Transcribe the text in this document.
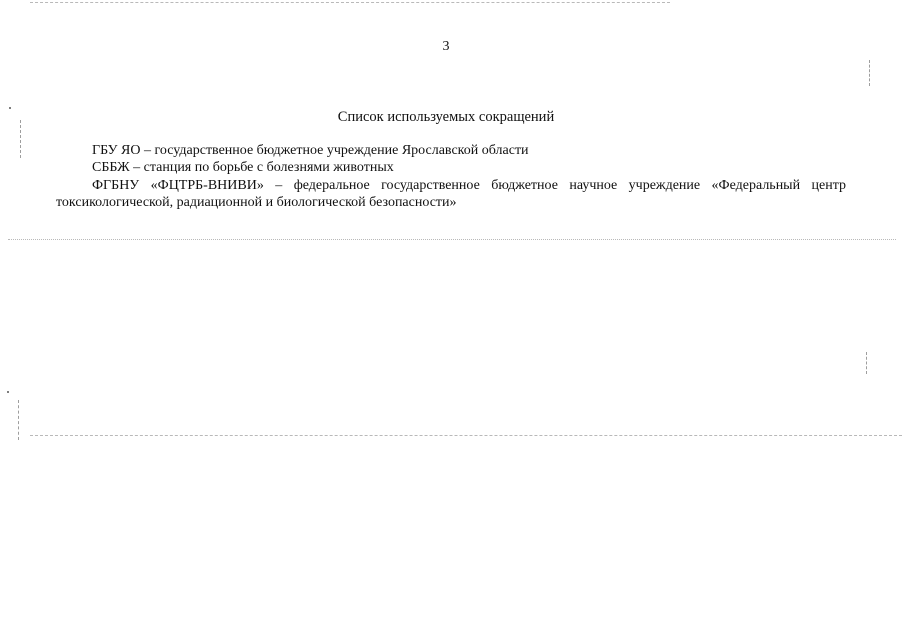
3
Список используемых сокращений
ГБУ ЯО – государственное бюджетное учреждение Ярославской области
СББЖ – станция по борьбе с болезнями животных
ФГБНУ «ФЦТРБ-ВНИВИ» – федеральное государственное бюджетное научное учреждение «Федеральный центр токсикологической, радиационной и биологической безопасности»
